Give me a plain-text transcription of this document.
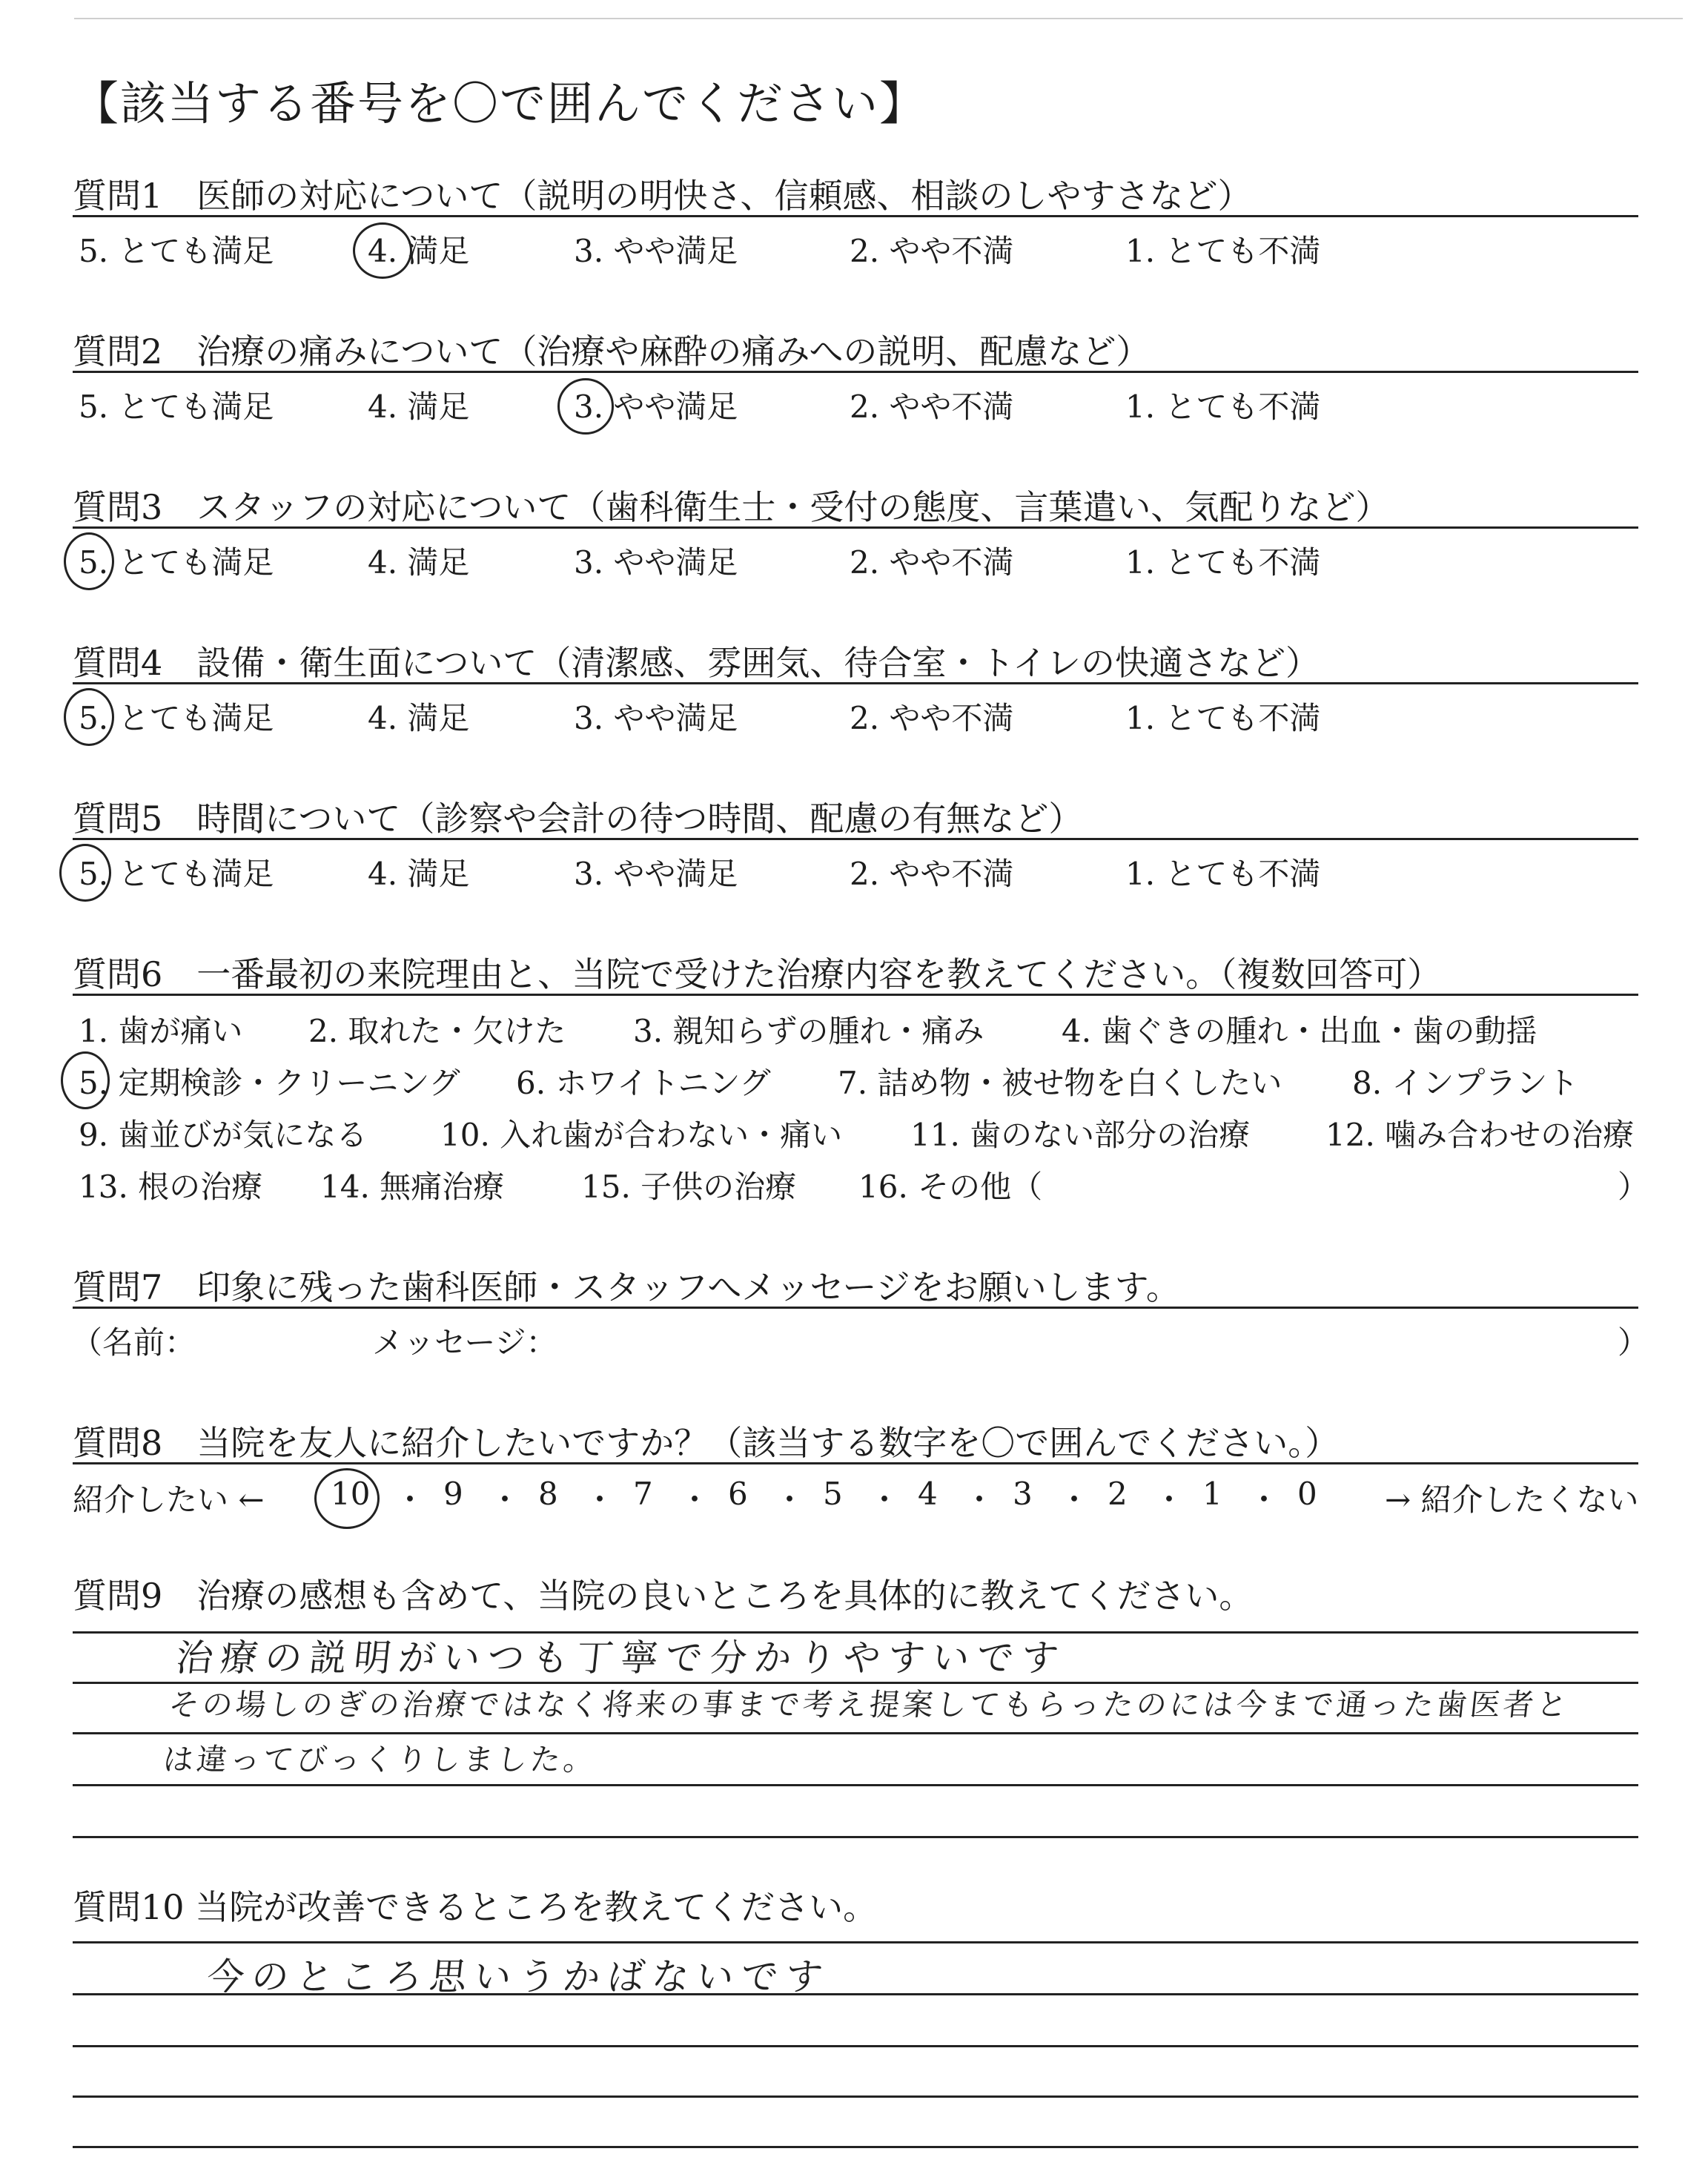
【該当する番号を〇で囲んでください】
質問1　医師の対応について（説明の明快さ、信頼感、相談のしやすさなど）
5. とても満足	4. 満足	3. やや満足	2. やや不満	1. とても不満
質問2　治療の痛みについて（治療や麻酔の痛みへの説明、配慮など）
5. とても満足	4. 満足	3. やや満足	2. やや不満	1. とても不満
質問3　スタッフの対応について（歯科衛生士・受付の態度、言葉遣い、気配りなど）
5. とても満足	4. 満足	3. やや満足	2. やや不満	1. とても不満
質問4　設備・衛生面について（清潔感、雰囲気、待合室・トイレの快適さなど）
5. とても満足	4. 満足	3. やや満足	2. やや不満	1. とても不満
質問5　時間について（診察や会計の待つ時間、配慮の有無など）
5. とても満足	4. 満足	3. やや満足	2. やや不満	1. とても不満
質問6　一番最初の来院理由と、当院で受けた治療内容を教えてください。（複数回答可）
1. 歯が痛い 2. 取れた・欠けた 3. 親知らずの腫れ・痛み 4. 歯ぐきの腫れ・出血・歯の動揺
5. 定期検診・クリーニング 6. ホワイトニング 7. 詰め物・被せ物を白くしたい 8. インプラント
9. 歯並びが気になる 10. 入れ歯が合わない・痛い 11. 歯のない部分の治療 12. 噛み合わせの治療
13. 根の治療 14. 無痛治療 15. 子供の治療 16. その他（	）
質問7　印象に残った歯科医師・スタッフへメッセージをお願いします。
（名前：	メッセージ：	）
質問8　当院を友人に紹介したいですか？（該当する数字を〇で囲んでください。）
紹介したい ← 10 ・ 9 ・ 8 ・ 7 ・ 6 ・ 5 ・ 4 ・ 3 ・ 2 ・ 1 ・ 0 → 紹介したくない
質問9　治療の感想も含めて、当院の良いところを具体的に教えてください。
治療の説明がいつも丁寧で分かりやすいです
その場しのぎの治療ではなく将来の事まで考え提案してもらったのには今まで通った歯医者とは違ってびっくりしました。
質問10 当院が改善できるところを教えてください。
今のところ思いうかばないです
